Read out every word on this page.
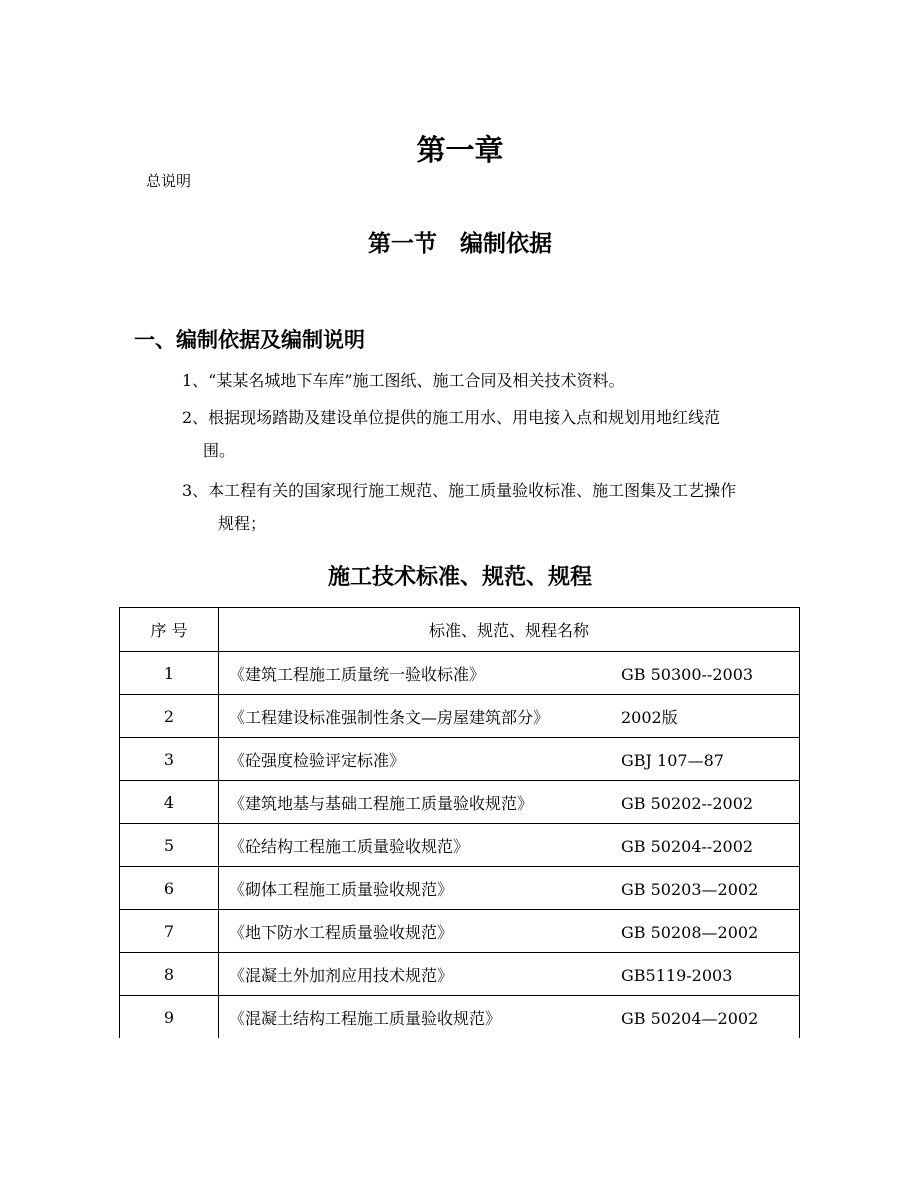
第一章
总说明
第一节　编制依据
一、编制依据及编制说明
1、“某某名城地下车库”施工图纸、施工合同及相关技术资料。
2、根据现场踏勘及建设单位提供的施工用水、用电接入点和规划用地红线范
围。
3、本工程有关的国家现行施工规范、施工质量验收标准、施工图集及工艺操作
规程；
施工技术标准、规范、规程
序 号	标准、规范、规程名称
1	《建筑工程施工质量统一验收标准》 GB 50300--2003
2	《工程建设标准强制性条文—房屋建筑部分》 2002版
3	《砼强度检验评定标准》 GBJ 107—87
4	《建筑地基与基础工程施工质量验收规范》 GB 50202--2002
5	《砼结构工程施工质量验收规范》 GB 50204--2002
6	《砌体工程施工质量验收规范》 GB 50203—2002
7	《地下防水工程质量验收规范》 GB 50208—2002
8	《混凝土外加剂应用技术规范》 GB5119-2003
9	《混凝土结构工程施工质量验收规范》 GB 50204—2002
